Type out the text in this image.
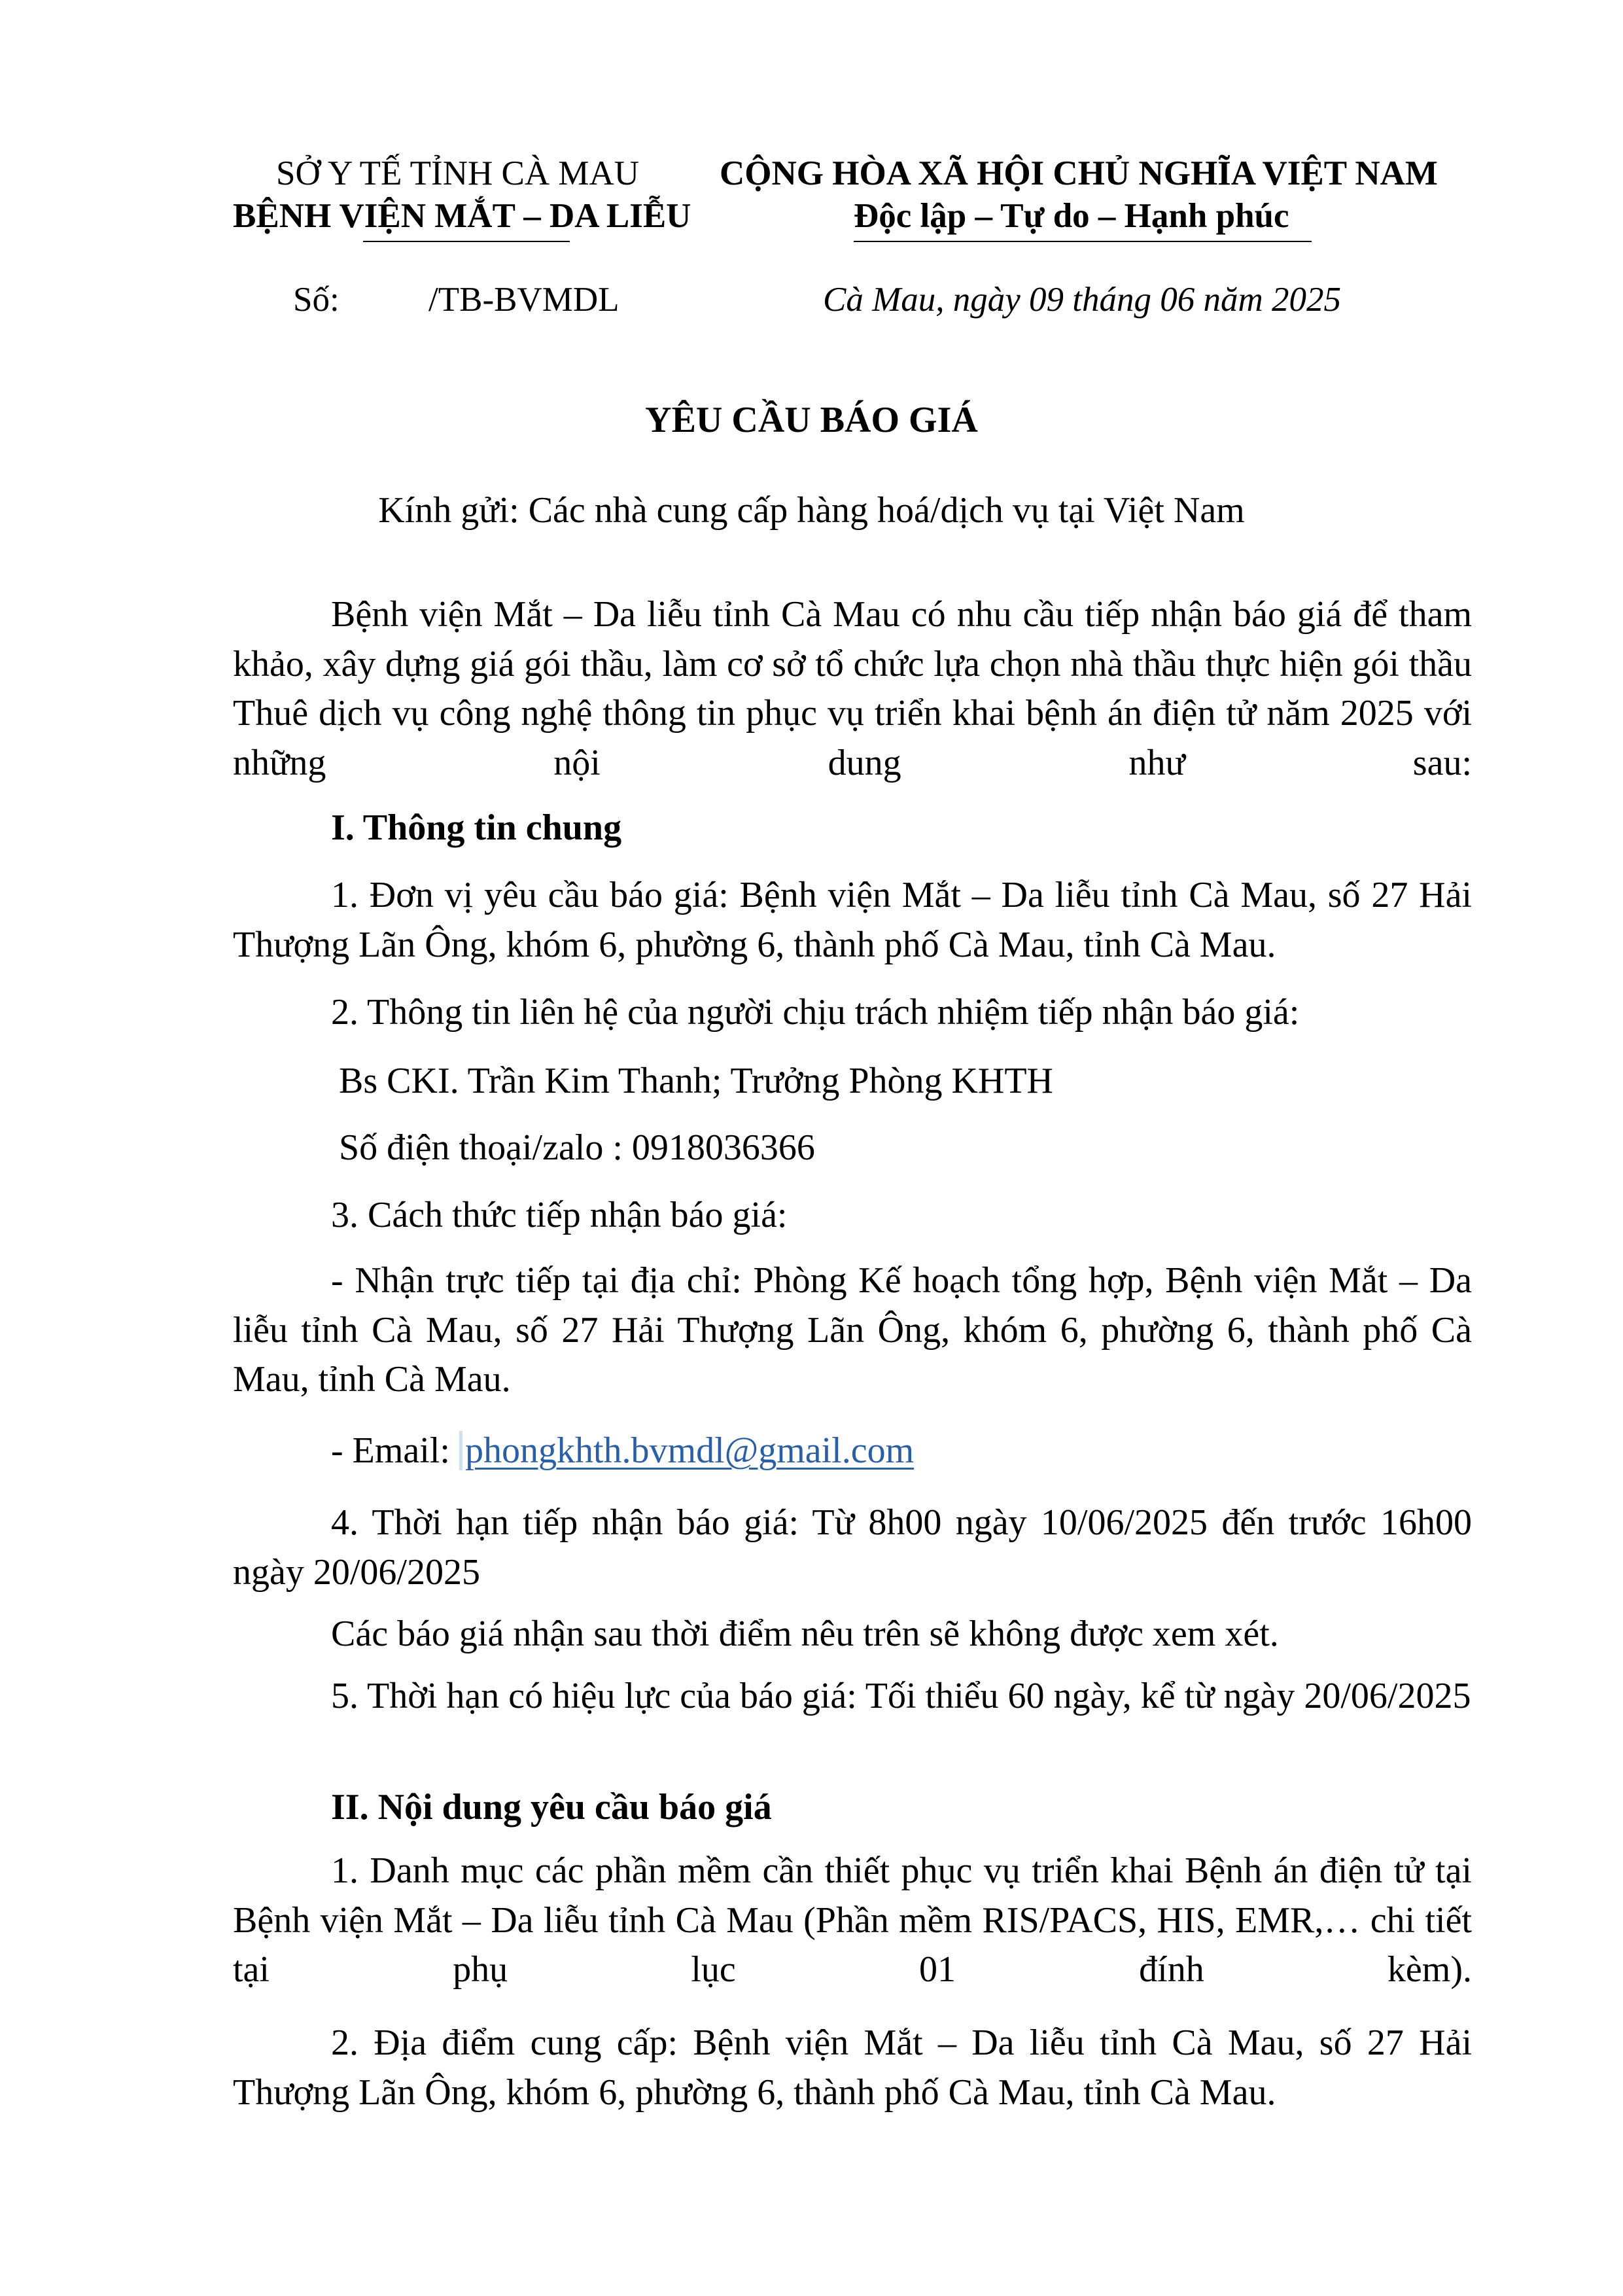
SỞ Y TẾ TỈNH CÀ MAU
BỆNH VIỆN MẮT – DA LIỄU
CỘNG HÒA XÃ HỘI CHỦ NGHĨA VIỆT NAM
Độc lập – Tự do – Hạnh phúc
Số:	/TB-BVMDL	Cà Mau, ngày 09 tháng 06 năm 2025
YÊU CẦU BÁO GIÁ
Kính gửi: Các nhà cung cấp hàng hoá/dịch vụ tại Việt Nam
Bệnh viện Mắt – Da liễu tỉnh Cà Mau có nhu cầu tiếp nhận báo giá để tham khảo, xây dựng giá gói thầu, làm cơ sở tổ chức lựa chọn nhà thầu thực hiện gói thầu Thuê dịch vụ công nghệ thông tin phục vụ triển khai bệnh án điện tử năm 2025 với những nội dung như sau:
I. Thông tin chung
1. Đơn vị yêu cầu báo giá: Bệnh viện Mắt – Da liễu tỉnh Cà Mau, số 27 Hải Thượng Lãn Ông, khóm 6, phường 6, thành phố Cà Mau, tỉnh Cà Mau.
2. Thông tin liên hệ của người chịu trách nhiệm tiếp nhận báo giá:
Bs CKI. Trần Kim Thanh; Trưởng Phòng KHTH
Số điện thoại/zalo : 0918036366
3. Cách thức tiếp nhận báo giá:
- Nhận trực tiếp tại địa chỉ: Phòng Kế hoạch tổng hợp, Bệnh viện Mắt – Da liễu tỉnh Cà Mau, số 27 Hải Thượng Lãn Ông, khóm 6, phường 6, thành phố Cà Mau, tỉnh Cà Mau.
- Email: phongkhth.bvmdl@gmail.com
4. Thời hạn tiếp nhận báo giá: Từ 8h00 ngày 10/06/2025 đến trước 16h00 ngày 20/06/2025
Các báo giá nhận sau thời điểm nêu trên sẽ không được xem xét.
5. Thời hạn có hiệu lực của báo giá: Tối thiểu 60 ngày, kể từ ngày 20/06/2025
II. Nội dung yêu cầu báo giá
1. Danh mục các phần mềm cần thiết phục vụ triển khai Bệnh án điện tử tại Bệnh viện Mắt – Da liễu tỉnh Cà Mau (Phần mềm RIS/PACS, HIS, EMR,… chi tiết tại phụ lục 01 đính kèm).
2. Địa điểm cung cấp: Bệnh viện Mắt – Da liễu tỉnh Cà Mau, số 27 Hải Thượng Lãn Ông, khóm 6, phường 6, thành phố Cà Mau, tỉnh Cà Mau.
